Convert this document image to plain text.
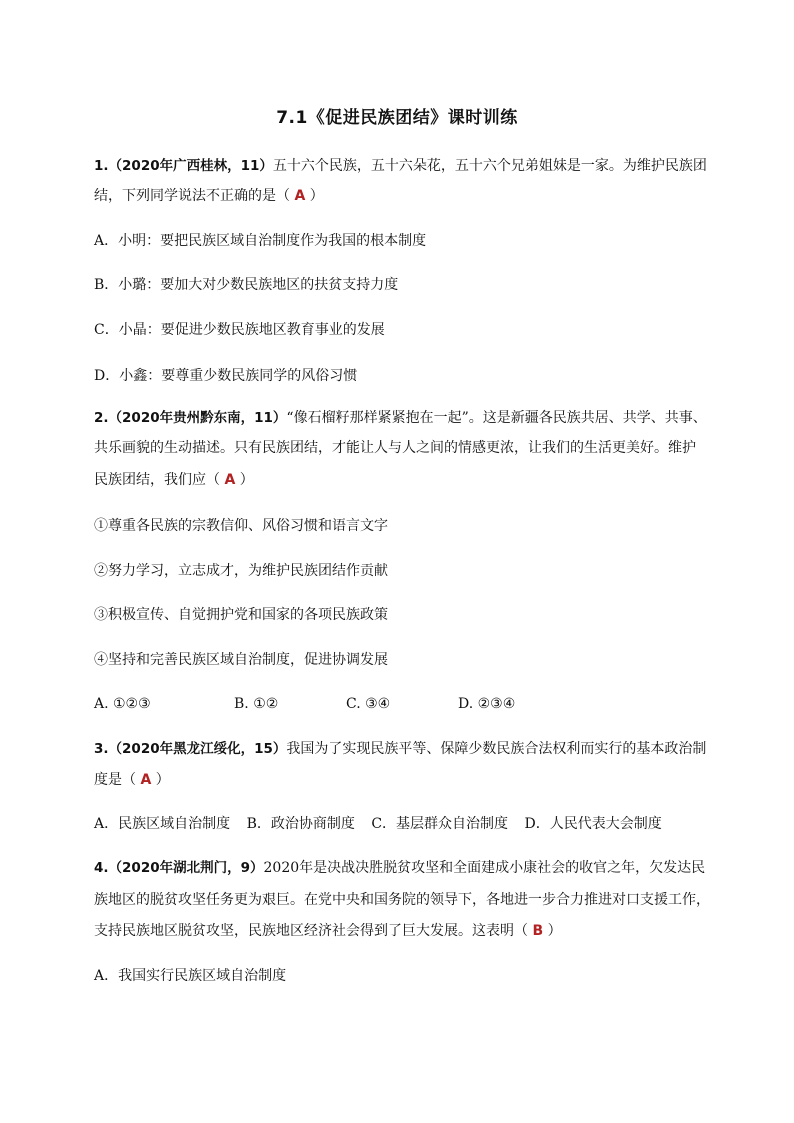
7.1《促进民族团结》课时训练
1.（2020年广西桂林，11）五十六个民族，五十六朵花，五十六个兄弟姐妹是一家。为维护民族团
结，下列同学说法不正确的是（ A ）
A．小明：要把民族区域自治制度作为我国的根本制度
B．小璐：要加大对少数民族地区的扶贫支持力度
C．小晶：要促进少数民族地区教育事业的发展
D．小鑫：要尊重少数民族同学的风俗习惯
2.（2020年贵州黔东南，11）“像石榴籽那样紧紧抱在一起”。这是新疆各民族共居、共学、共事、
共乐画貌的生动描述。只有民族团结，才能让人与人之间的情感更浓，让我们的生活更美好。维护
民族团结，我们应（ A ）
①尊重各民族的宗教信仰、风俗习惯和语言文字
②努力学习，立志成才，为维护民族团结作贡献
③积极宣传、自觉拥护党和国家的各项民族政策
④坚持和完善民族区域自治制度，促进协调发展
A. ①②③	B. ①②	C. ③④	D. ②③④
3.（2020年黑龙江绥化，15）我国为了实现民族平等、保障少数民族合法权利而实行的基本政治制
度是（ A ）
A．民族区域自治制度 B．政治协商制度 C．基层群众自治制度 D．人民代表大会制度
4.（2020年湖北荆门，9）2020年是决战决胜脱贫攻坚和全面建成小康社会的收官之年，欠发达民
族地区的脱贫攻坚任务更为艰巨。在党中央和国务院的领导下，各地进一步合力推进对口支援工作，
支持民族地区脱贫攻坚，民族地区经济社会得到了巨大发展。这表明（ B ）
A．我国实行民族区域自治制度
